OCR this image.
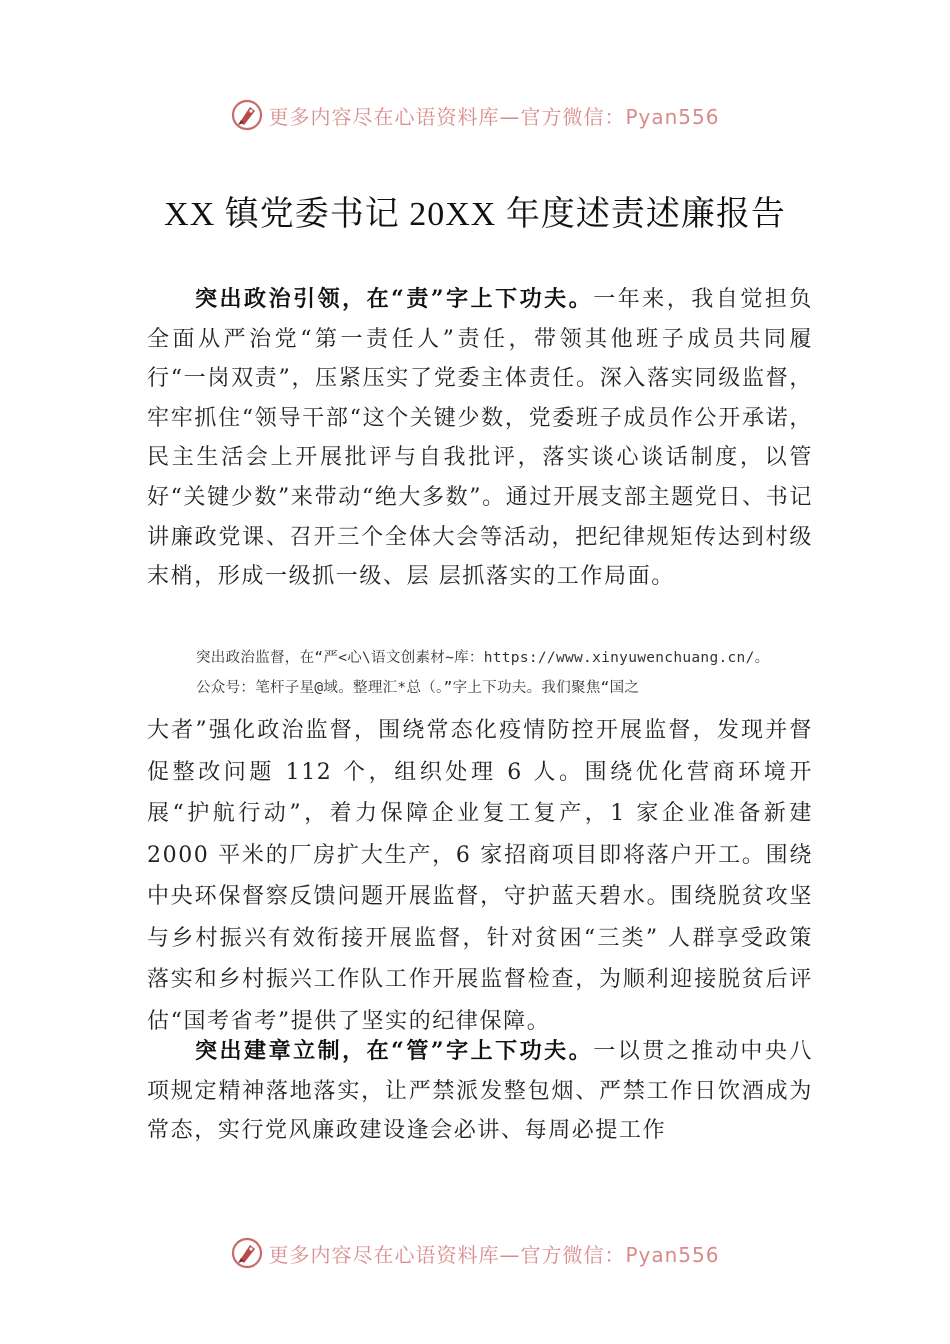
更多内容尽在心语资料库—官方微信：Pyan556
XX 镇党委书记 20XX 年度述责述廉报告

突出政治引领，在“责”字上下功夫。一年来，我自觉担负全面从严治党“第一责任人”责任，带领其他班子成员共同履行“一岗双责”，压紧压实了党委主体责任。深入落实同级监督，牢牢抓住“领导干部“这个关键少数，党委班子成员作公开承诺，民主生活会上开展批评与自我批评，落实谈心谈话制度，以管好“关键少数”来带动“绝大多数”。通过开展支部主题党日、书记讲廉政党课、召开三个全体大会等活动，把纪律规矩传达到村级末梢，形成一级抓一级、层 层抓落实的工作局面。

突出政治监督，在“严<心\语文创素材~库：https://www.xinyuwenchuang.cn/。
公众号：笔杆子星@域。整理汇*总（。”字上下功夫。我们聚焦“国之

大者”强化政治监督，围绕常态化疫情防控开展监督，发现并督促整改问题 112 个，组织处理 6 人。围绕优化营商环境开展“护航行动”，着力保障企业复工复产，1 家企业准备新建 2000 平米的厂房扩大生产，6 家招商项目即将落户开工。围绕中央环保督察反馈问题开展监督，守护蓝天碧水。围绕脱贫攻坚与乡村振兴有效衔接开展监督，针对贫困“三类” 人群享受政策落实和乡村振兴工作队工作开展监督检查，为顺利迎接脱贫后评估“国考省考”提供了坚实的纪律保障。

突出建章立制，在“管”字上下功夫。一以贯之推动中央八项规定精神落地落实，让严禁派发整包烟、严禁工作日饮酒成为常态，实行党风廉政建设逢会必讲、每周必提工作

更多内容尽在心语资料库—官方微信：Pyan556
